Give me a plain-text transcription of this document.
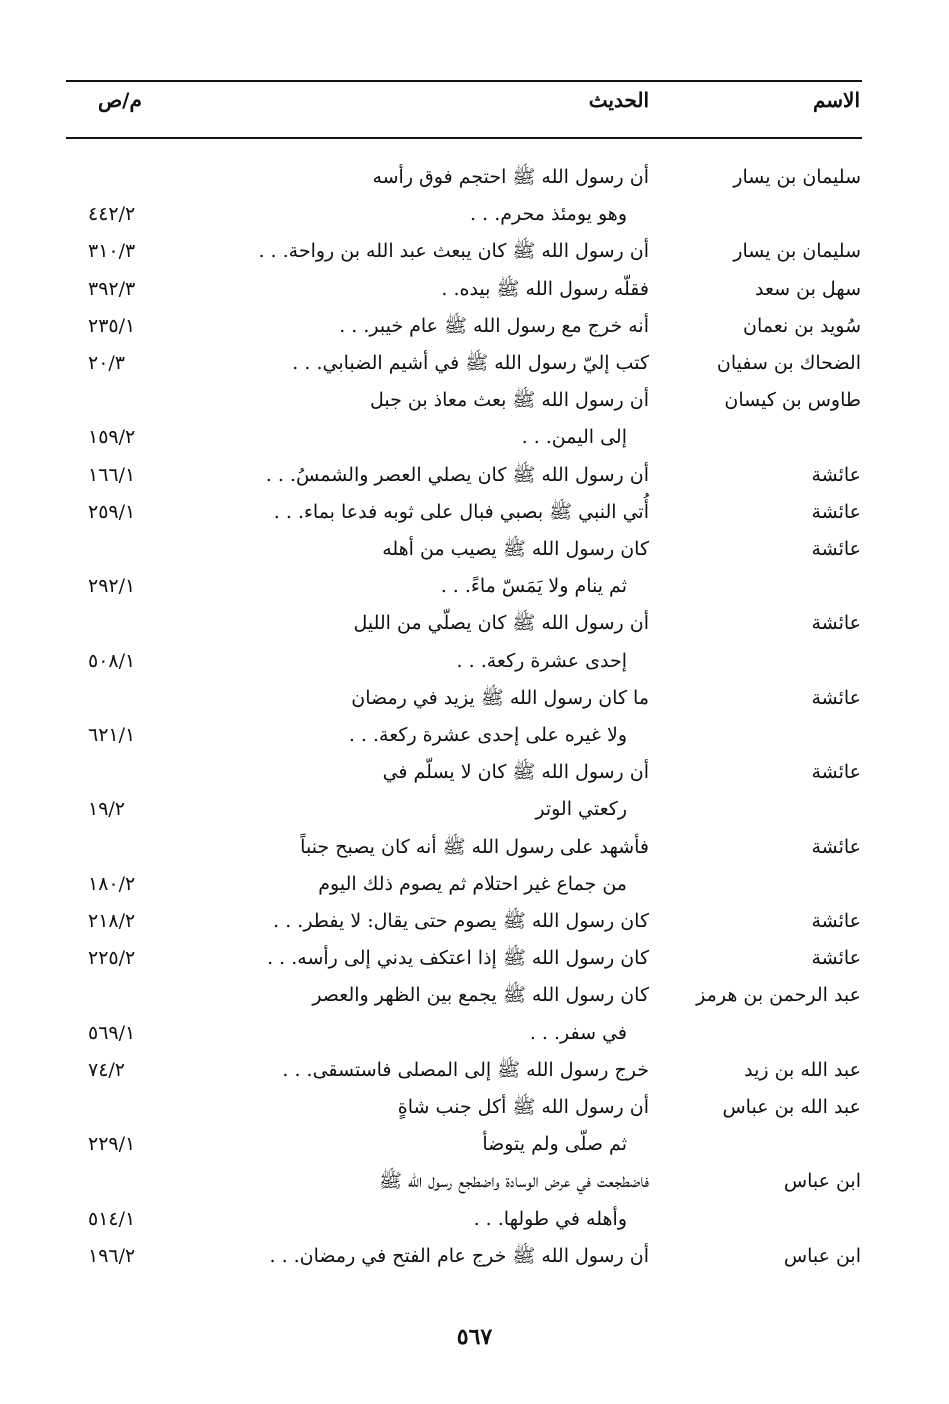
الاسم
الحديث
م/ص
سليمان بن يسار
أن رسول الله ﷺ احتجم فوق رأسه
وهو يومئذ محرم. . .
٤٤٢/٢
سليمان بن يسار
أن رسول الله ﷺ كان يبعث عبد الله بن رواحة. . .
٣١٠/٣
سهل بن سعد
فقلّه رسول الله ﷺ بيده. .
٣٩٢/٣
سُويد بن نعمان
أنه خرج مع رسول الله ﷺ عام خيبر. . .
٢٣٥/١
الضحاك بن سفيان
كتب إليّ رسول الله ﷺ في أشيم الضبابي. . .
٢٠/٣
طاوس بن كيسان
أن رسول الله ﷺ بعث معاذ بن جبل
إلى اليمن. . .
١٥٩/٢
عائشة
أن رسول الله ﷺ كان يصلي العصر والشمسُ. . .
١٦٦/١
عائشة
أُتي النبي ﷺ بصبي فبال على ثوبه فدعا بماء. . .
٢٥٩/١
عائشة
كان رسول الله ﷺ يصيب من أهله
ثم ينام ولا يَمَسّ ماءً. . .
٢٩٢/١
عائشة
أن رسول الله ﷺ كان يصلّي من الليل
إحدى عشرة ركعة. . .
٥٠٨/١
عائشة
ما كان رسول الله ﷺ يزيد في رمضان
ولا غيره على إحدى عشرة ركعة. . .
٦٢١/١
عائشة
أن رسول الله ﷺ كان لا يسلّم في
ركعتي الوتر
١٩/٢
عائشة
فأشهد على رسول الله ﷺ أنه كان يصبح جنباً
من جماع غير احتلام ثم يصوم ذلك اليوم
١٨٠/٢
عائشة
كان رسول الله ﷺ يصوم حتى يقال: لا يفطر. . .
٢١٨/٢
عائشة
كان رسول الله ﷺ إذا اعتكف يدني إلى رأسه. . .
٢٢٥/٢
عبد الرحمن بن هرمز
كان رسول الله ﷺ يجمع بين الظهر والعصر
في سفر. . .
٥٦٩/١
عبد الله بن زيد
خرج رسول الله ﷺ إلى المصلى فاستسقى. . .
٧٤/٢
عبد الله بن عباس
أن رسول الله ﷺ أكل جنب شاةٍ
ثم صلّى ولم يتوضأ
٢٢٩/١
ابن عباس
فاضطجعت في عرض الوسادة واضطجع رسول الله ﷺ
وأهله في طولها. . .
٥١٤/١
ابن عباس
أن رسول الله ﷺ خرج عام الفتح في رمضان. . .
١٩٦/٢
٥٦٧
